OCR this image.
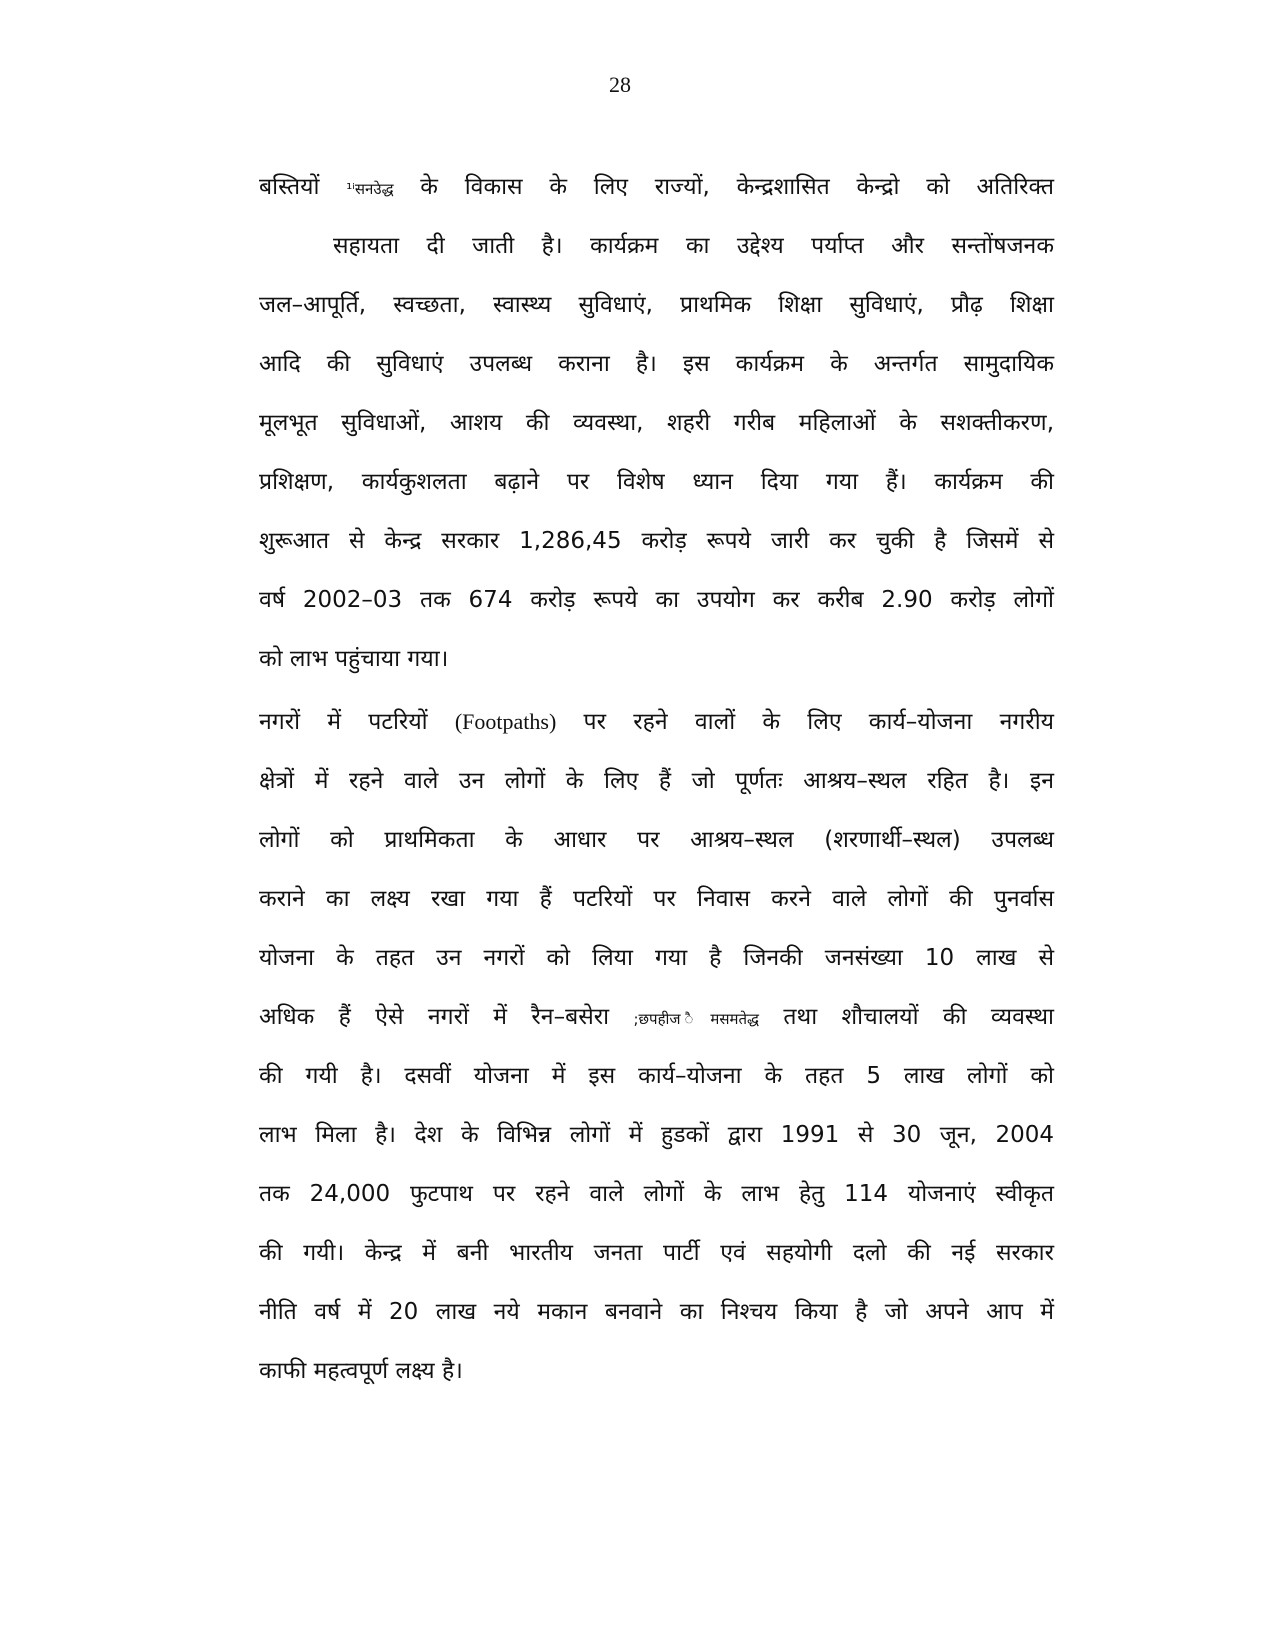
28
बस्तियों ¹ⁱसनउेद्ध के विकास के लिए राज्यों, केन्द्रशासित केन्द्रो को अतिरिक्त
सहायता दी जाती है। कार्यक्रम का उद्देश्य पर्याप्त और सन्तोंषजनक
जल–आपूर्ति, स्वच्छता, स्वास्थ्य सुविधाएं, प्राथमिक शिक्षा सुविधाएं, प्रौढ़ शिक्षा
आदि की सुविधाएं उपलब्ध कराना है। इस कार्यक्रम के अन्तर्गत सामुदायिक
मूलभूत सुविधाओं, आशय की व्यवस्था, शहरी गरीब महिलाओं के सशक्तीकरण,
प्रशिक्षण, कार्यकुशलता बढ़ाने पर विशेष ध्यान दिया गया हैं। कार्यक्रम की
शुरूआत से केन्द्र सरकार 1,286,45 करोड़ रूपये जारी कर चुकी है जिसमें से
वर्ष 2002–03 तक 674 करोड़ रूपये का उपयोग कर करीब 2.90 करोड़ लोगों
को लाभ पहुंचाया गया।
नगरों में पटरियों (Footpaths) पर रहने वालों के लिए कार्य–योजना नगरीय
क्षेत्रों में रहने वाले उन लोगों के लिए हैं जो पूर्णतः आश्रय–स्थल रहित है। इन
लोगों को प्राथमिकता के आधार पर आश्रय–स्थल (शरणार्थी–स्थल) उपलब्ध
कराने का लक्ष्य रखा गया हैं पटरियों पर निवास करने वाले लोगों की पुनर्वास
योजना के तहत उन नगरों को लिया गया है जिनकी जनसंख्या 10 लाख से
अधिक हैं ऐसे नगरों में रैन–बसेरा ;छपहीज ैमसमतेद्ध तथा शौचालयों की व्यवस्था
की गयी है। दसवीं योजना में इस कार्य–योजना के तहत 5 लाख लोगों को
लाभ मिला है। देश के विभिन्न लोगों में हुडकों द्वारा 1991 से 30 जून, 2004
तक 24,000 फुटपाथ पर रहने वाले लोगों के लाभ हेतु 114 योजनाएं स्वीकृत
की गयी। केन्द्र में बनी भारतीय जनता पार्टी एवं सहयोगी दलो की नई सरकार
नीति वर्ष में 20 लाख नये मकान बनवाने का निश्चय किया है जो अपने आप में
काफी महत्वपूर्ण लक्ष्य है।
